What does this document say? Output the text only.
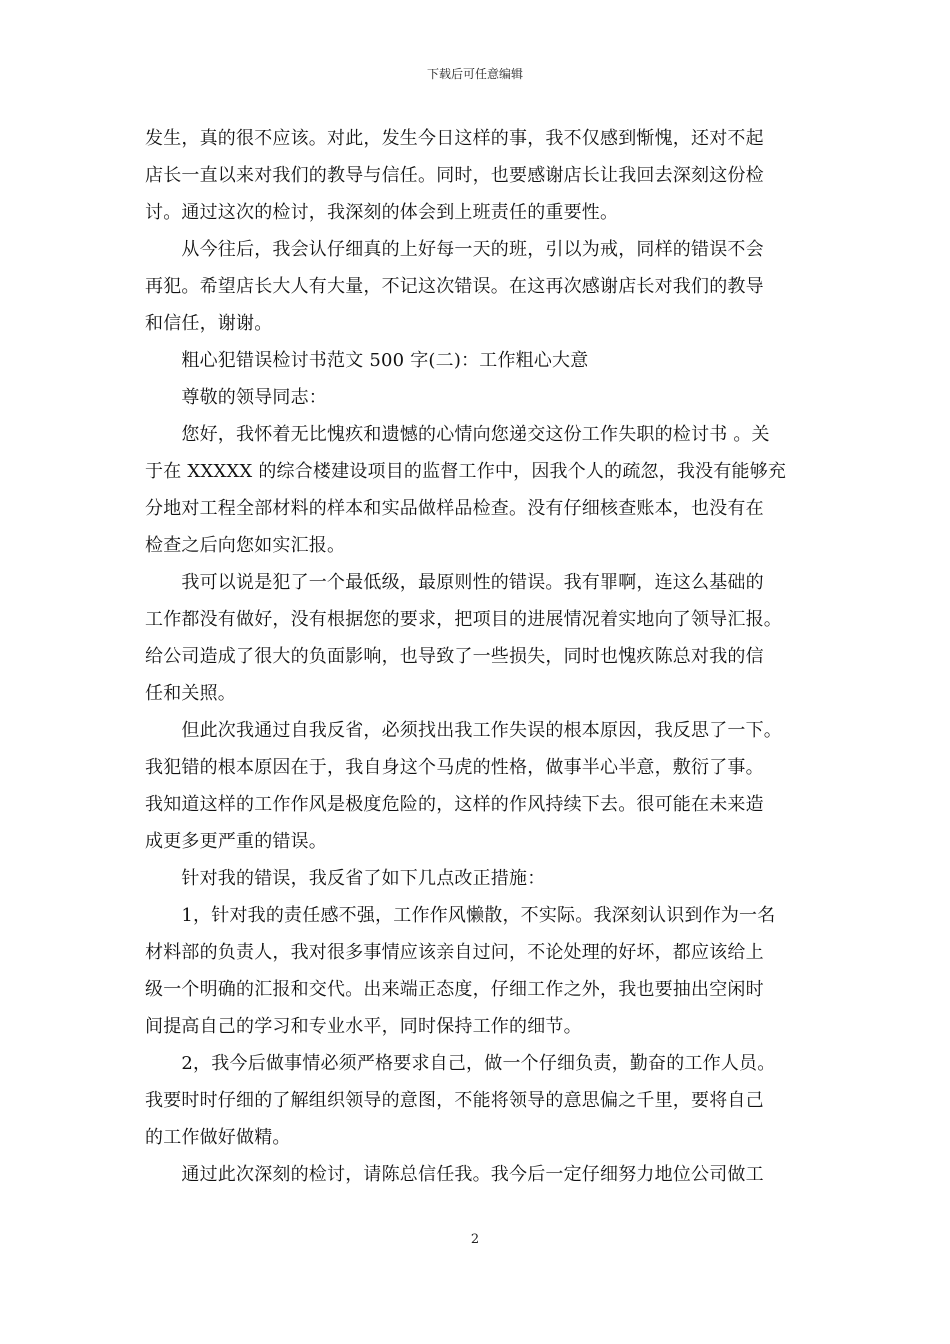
下载后可任意编辑
发生，真的很不应该。对此，发生今日这样的事，我不仅感到惭愧，还对不起
店长一直以来对我们的教导与信任。同时，也要感谢店长让我回去深刻这份检
讨。通过这次的检讨，我深刻的体会到上班责任的重要性。
　　从今往后，我会认仔细真的上好每一天的班，引以为戒，同样的错误不会
再犯。希望店长大人有大量，不记这次错误。在这再次感谢店长对我们的教导
和信任，谢谢。
　　粗心犯错误检讨书范文 500 字(二)：工作粗心大意
　　尊敬的领导同志：
　　您好，我怀着无比愧疚和遗憾的心情向您递交这份工作失职的检讨书 。关
于在 XXXXX 的综合楼建设项目的监督工作中，因我个人的疏忽，我没有能够充
分地对工程全部材料的样本和实品做样品检查。没有仔细核查账本，也没有在
检查之后向您如实汇报。
　　我可以说是犯了一个最低级，最原则性的错误。我有罪啊，连这么基础的
工作都没有做好，没有根据您的要求，把项目的进展情况着实地向了领导汇报。
给公司造成了很大的负面影响，也导致了一些损失，同时也愧疚陈总对我的信
任和关照。
　　但此次我通过自我反省，必须找出我工作失误的根本原因，我反思了一下。
我犯错的根本原因在于，我自身这个马虎的性格，做事半心半意，敷衍了事。
我知道这样的工作作风是极度危险的，这样的作风持续下去。很可能在未来造
成更多更严重的错误。
　　针对我的错误，我反省了如下几点改正措施：
　　1，针对我的责任感不强，工作作风懒散，不实际。我深刻认识到作为一名
材料部的负责人，我对很多事情应该亲自过问，不论处理的好坏，都应该给上
级一个明确的汇报和交代。出来端正态度，仔细工作之外，我也要抽出空闲时
间提高自己的学习和专业水平，同时保持工作的细节。
　　2，我今后做事情必须严格要求自己，做一个仔细负责，勤奋的工作人员。
我要时时仔细的了解组织领导的意图，不能将领导的意思偏之千里，要将自己
的工作做好做精。
　　通过此次深刻的检讨，请陈总信任我。我今后一定仔细努力地位公司做工
2
